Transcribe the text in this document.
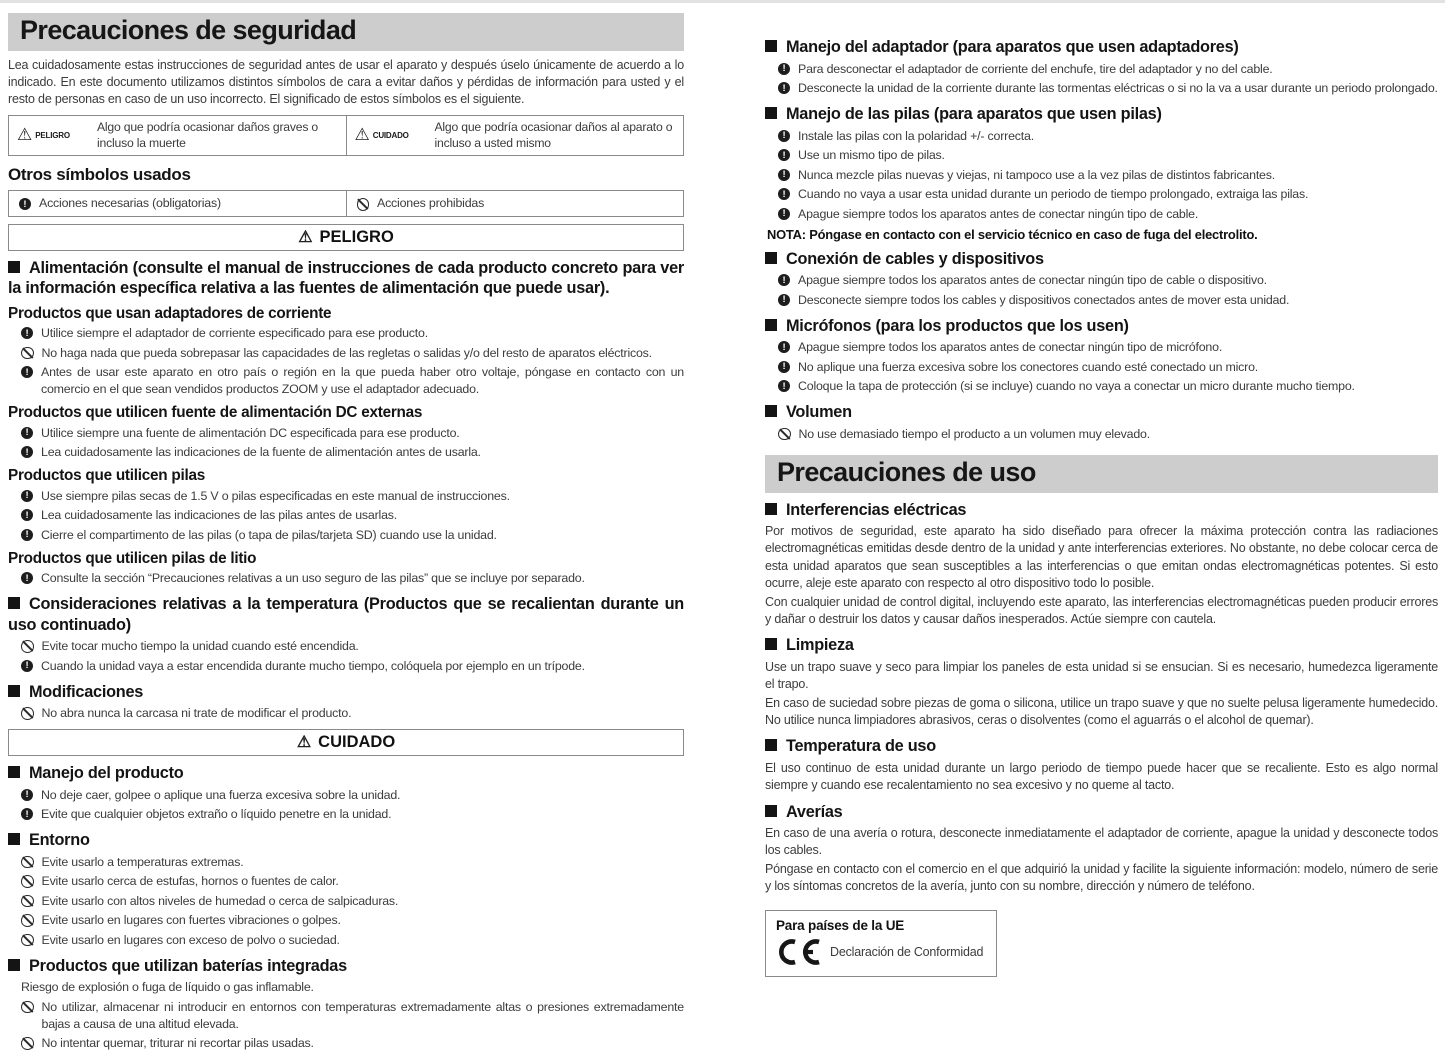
Precauciones de seguridad

Lea cuidadosamente estas instrucciones de seguridad antes de usar el aparato y después úselo únicamente de acuerdo a lo indicado. En este documento utilizamos distintos símbolos de cara a evitar daños y pérdidas de información para usted y el resto de personas en caso de un uso incorrecto. El significado de estos símbolos es el siguiente.

⚠
PELIGRO
Algo que podría ocasionar daños graves o incluso la muerte ⚠	CUIDADO
Algo que podría ocasionar daños al aparato o incluso a usted mismo
Otros símbolos usados
!
Acciones necesarias (obligatorias)	Acciones prohibidas
⚠
PELIGRO
Alimentación (consulte el manual de instrucciones de cada producto concreto para ver la información específica relativa a las fuentes de alimentación que puede usar).
Productos que usan adaptadores de corriente
!
Utilice siempre el adaptador de corriente especificado para ese producto.
No haga nada que pueda sobrepasar las capacidades de las regletas o salidas y/o del resto de aparatos eléctricos.
!
Antes de usar este aparato en otro país o región en la que pueda haber otro voltaje, póngase en contacto con un comercio en el que sean vendidos productos ZOOM y use el adaptador adecuado.
Productos que utilicen fuente de alimentación DC externas
!
Utilice siempre una fuente de alimentación DC especificada para ese producto.
!
Lea cuidadosamente las indicaciones de la fuente de alimentación antes de usarla.
Productos que utilicen pilas
!
Use siempre pilas secas de 1.5 V o pilas especificadas en este manual de instrucciones.
!
Lea cuidadosamente las indicaciones de las pilas antes de usarlas.
!
Cierre el compartimento de las pilas (o tapa de pilas/tarjeta SD) cuando use la unidad.
Productos que utilicen pilas de litio
!
Consulte la sección “Precauciones relativas a un uso seguro de las pilas” que se incluye por separado.
Consideraciones relativas a la temperatura (Productos que se recalientan durante un uso continuado)
Evite tocar mucho tiempo la unidad cuando esté encendida.
!
Cuando la unidad vaya a estar encendida durante mucho tiempo, colóquela por ejemplo en un trípode.
Modificaciones
No abra nunca la carcasa ni trate de modificar el producto.
⚠
CUIDADO
Manejo del producto
!
No deje caer, golpee o aplique una fuerza excesiva sobre la unidad.
!
Evite que cualquier objetos extraño o líquido penetre en la unidad.
Entorno
Evite usarlo a temperaturas extremas.
Evite usarlo cerca de estufas, hornos o fuentes de calor.
Evite usarlo con altos niveles de humedad o cerca de salpicaduras.
Evite usarlo en lugares con fuertes vibraciones o golpes.
Evite usarlo en lugares con exceso de polvo o suciedad.
Productos que utilizan baterías integradas

Riesgo de explosión o fuga de líquido o gas inflamable.

No utilizar, almacenar ni introducir en entornos con temperaturas extremadamente altas o presiones extremadamente bajas a causa de una altitud elevada.
No intentar quemar, triturar ni recortar pilas usadas.
Manejo del adaptador (para aparatos que usen adaptadores)
!
Para desconectar el adaptador de corriente del enchufe, tire del adaptador y no del cable.
!
Desconecte la unidad de la corriente durante las tormentas eléctricas o si no la va a usar durante un periodo prolongado.
Manejo de las pilas (para aparatos que usen pilas)
!
Instale las pilas con la polaridad +/- correcta.
!
Use un mismo tipo de pilas.
!
Nunca mezcle pilas nuevas y viejas, ni tampoco use a la vez pilas de distintos fabricantes.
!
Cuando no vaya a usar esta unidad durante un periodo de tiempo prolongado, extraiga las pilas.
!
Apague siempre todos los aparatos antes de conectar ningún tipo de cable.

NOTA: Póngase en contacto con el servicio técnico en caso de fuga del electrolito.

Conexión de cables y dispositivos
!
Apague siempre todos los aparatos antes de conectar ningún tipo de cable o dispositivo.
!
Desconecte siempre todos los cables y dispositivos conectados antes de mover esta unidad.
Micrófonos (para los productos que los usen)
!
Apague siempre todos los aparatos antes de conectar ningún tipo de micrófono.
!
No aplique una fuerza excesiva sobre los conectores cuando esté conectado un micro.
!
Coloque la tapa de protección (si se incluye) cuando no vaya a conectar un micro durante mucho tiempo.
Volumen
No use demasiado tiempo el producto a un volumen muy elevado.
Precauciones de uso
Interferencias eléctricas

Por motivos de seguridad, este aparato ha sido diseñado para ofrecer la máxima protección contra las radiaciones electromagnéticas emitidas desde dentro de la unidad y ante interferencias exteriores. No obstante, no debe colocar cerca de esta unidad aparatos que sean susceptibles a las interferencias o que emitan ondas electromagnéticas potentes. Si esto ocurre, aleje este aparato con respecto al otro dispositivo todo lo posible.

Con cualquier unidad de control digital, incluyendo este aparato, las interferencias electromagnéticas pueden producir errores y dañar o destruir los datos y causar daños inesperados. Actúe siempre con cautela.

Limpieza

Use un trapo suave y seco para limpiar los paneles de esta unidad si se ensucian. Si es necesario, humedezca ligeramente el trapo.

En caso de suciedad sobre piezas de goma o silicona, utilice un trapo suave y que no suelte pelusa ligeramente humedecido. No utilice nunca limpiadores abrasivos, ceras o disolventes (como el aguarrás o el alcohol de quemar).

Temperatura de uso

El uso continuo de esta unidad durante un largo periodo de tiempo puede hacer que se recaliente. Esto es algo normal siempre y cuando ese recalentamiento no sea excesivo y no queme al tacto.

Averías

En caso de una avería o rotura, desconecte inmediatamente el adaptador de corriente, apague la unidad y desconecte todos los cables.

Póngase en contacto con el comercio en el que adquirió la unidad y facilite la siguiente información: modelo, número de serie y los síntomas concretos de la avería, junto con su nombre, dirección y número de teléfono.

Para países de la UE
Declaración de Conformidad
